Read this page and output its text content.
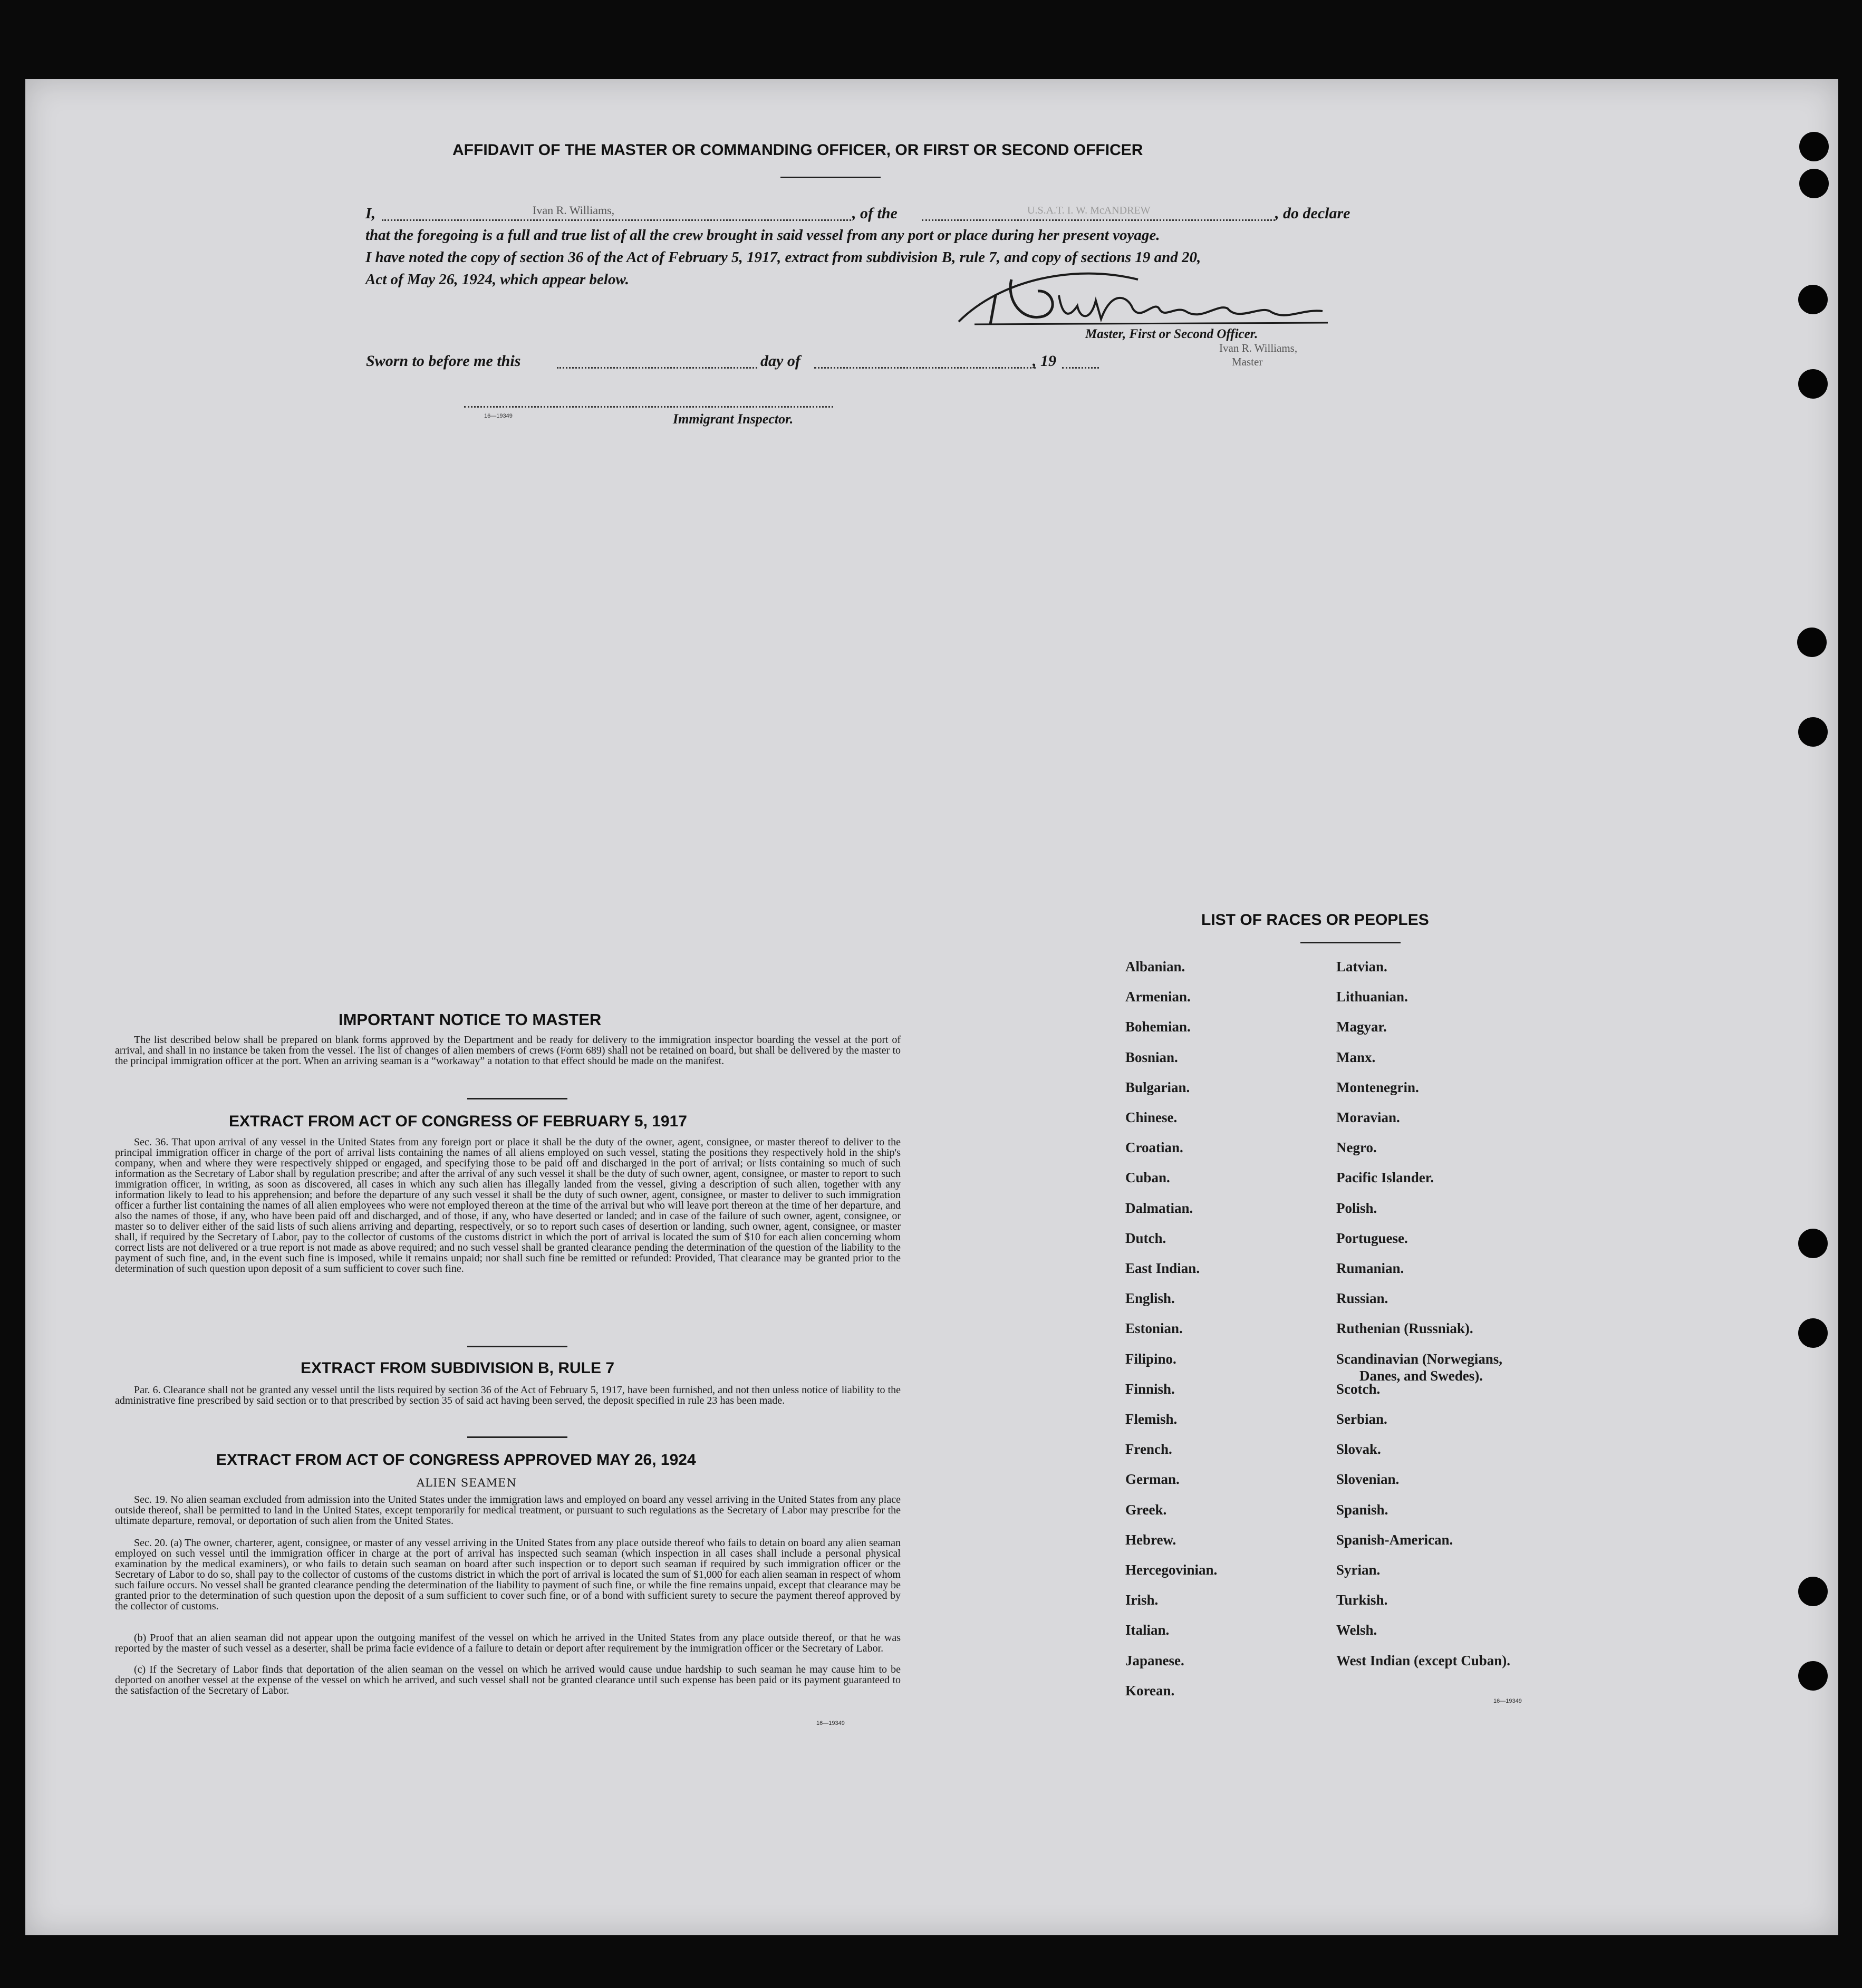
AFFIDAVIT OF THE MASTER OR COMMANDING OFFICER, OR FIRST OR SECOND OFFICER
I,	Ivan R. Williams,	, of the	U.S.A.T. I. W. McANDREW	, do declare
that the foregoing is a full and true list of all the crew brought in said vessel from any port or place during her present voyage.
I have noted the copy of section 36 of the Act of February 5, 1917, extract from subdivision B, rule 7, and copy of sections 19 and 20,
Act of May 26, 1924, which appear below.
Master, First or Second Officer.
Ivan R. Williams,
Master
Sworn to before me this	day of	, 19
16—19349	Immigrant Inspector.
IMPORTANT NOTICE TO MASTER
The list described below shall be prepared on blank forms approved by the Department and be ready for delivery to the immigration inspector boarding the vessel at the port of arrival, and shall in no instance be taken from the vessel. The list of changes of alien members of crews (Form 689) shall not be retained on board, but shall be delivered by the master to the principal immigration officer at the port. When an arriving seaman is a “workaway” a notation to that effect should be made on the manifest.
EXTRACT FROM ACT OF CONGRESS OF FEBRUARY 5, 1917
Sec. 36. That upon arrival of any vessel in the United States from any foreign port or place it shall be the duty of the owner, agent, consignee, or master thereof to deliver to the principal immigration officer in charge of the port of arrival lists containing the names of all aliens employed on such vessel, stating the positions they respectively hold in the ship's company, when and where they were respectively shipped or engaged, and specifying those to be paid off and discharged in the port of arrival; or lists containing so much of such information as the Secretary of Labor shall by regulation prescribe; and after the arrival of any such vessel it shall be the duty of such owner, agent, consignee, or master to report to such immigration officer, in writing, as soon as discovered, all cases in which any such alien has illegally landed from the vessel, giving a description of such alien, together with any information likely to lead to his apprehension; and before the departure of any such vessel it shall be the duty of such owner, agent, consignee, or master to deliver to such immigration officer a further list containing the names of all alien employees who were not employed thereon at the time of the arrival but who will leave port thereon at the time of her departure, and also the names of those, if any, who have been paid off and discharged, and of those, if any, who have deserted or landed; and in case of the failure of such owner, agent, consignee, or master so to deliver either of the said lists of such aliens arriving and departing, respectively, or so to report such cases of desertion or landing, such owner, agent, consignee, or master shall, if required by the Secretary of Labor, pay to the collector of customs of the customs district in which the port of arrival is located the sum of $10 for each alien concerning whom correct lists are not delivered or a true report is not made as above required; and no such vessel shall be granted clearance pending the determination of the question of the liability to the payment of such fine, and, in the event such fine is imposed, while it remains unpaid; nor shall such fine be remitted or refunded: Provided, That clearance may be granted prior to the determination of such question upon deposit of a sum sufficient to cover such fine.
EXTRACT FROM SUBDIVISION B, RULE 7
Par. 6. Clearance shall not be granted any vessel until the lists required by section 36 of the Act of February 5, 1917, have been furnished, and not then unless notice of liability to the administrative fine prescribed by said section or to that prescribed by section 35 of said act having been served, the deposit specified in rule 23 has been made.
EXTRACT FROM ACT OF CONGRESS APPROVED MAY 26, 1924
ALIEN SEAMEN
Sec. 19. No alien seaman excluded from admission into the United States under the immigration laws and employed on board any vessel arriving in the United States from any place outside thereof, shall be permitted to land in the United States, except temporarily for medical treatment, or pursuant to such regulations as the Secretary of Labor may prescribe for the ultimate departure, removal, or deportation of such alien from the United States.
Sec. 20. (a) The owner, charterer, agent, consignee, or master of any vessel arriving in the United States from any place outside thereof who fails to detain on board any alien seaman employed on such vessel until the immigration officer in charge at the port of arrival has inspected such seaman (which inspection in all cases shall include a personal physical examination by the medical examiners), or who fails to detain such seaman on board after such inspection or to deport such seaman if required by such immigration officer or the Secretary of Labor to do so, shall pay to the collector of customs of the customs district in which the port of arrival is located the sum of $1,000 for each alien seaman in respect of whom such failure occurs. No vessel shall be granted clearance pending the determination of the liability to payment of such fine, or while the fine remains unpaid, except that clearance may be granted prior to the determination of such question upon the deposit of a sum sufficient to cover such fine, or of a bond with sufficient surety to secure the payment thereof approved by the collector of customs.
(b) Proof that an alien seaman did not appear upon the outgoing manifest of the vessel on which he arrived in the United States from any place outside thereof, or that he was reported by the master of such vessel as a deserter, shall be prima facie evidence of a failure to detain or deport after requirement by the immigration officer or the Secretary of Labor.
(c) If the Secretary of Labor finds that deportation of the alien seaman on the vessel on which he arrived would cause undue hardship to such seaman he may cause him to be deported on another vessel at the expense of the vessel on which he arrived, and such vessel shall not be granted clearance until such expense has been paid or its payment guaranteed to the satisfaction of the Secretary of Labor.
16—19349
LIST OF RACES OR PEOPLES
Albanian.
Armenian.
Bohemian.
Bosnian.
Bulgarian.
Chinese.
Croatian.
Cuban.
Dalmatian.
Dutch.
East Indian.
English.
Estonian.
Filipino.
Finnish.
Flemish.
French.
German.
Greek.
Hebrew.
Hercegovinian.
Irish.
Italian.
Japanese.
Korean.
Latvian.
Lithuanian.
Magyar.
Manx.
Montenegrin.
Moravian.
Negro.
Pacific Islander.
Polish.
Portuguese.
Rumanian.
Russian.
Ruthenian (Russniak).
Scandinavian (Norwegians,
Danes, and Swedes).
Scotch.
Serbian.
Slovak.
Slovenian.
Spanish.
Spanish-American.
Syrian.
Turkish.
Welsh.
West Indian (except Cuban).
16—19349
